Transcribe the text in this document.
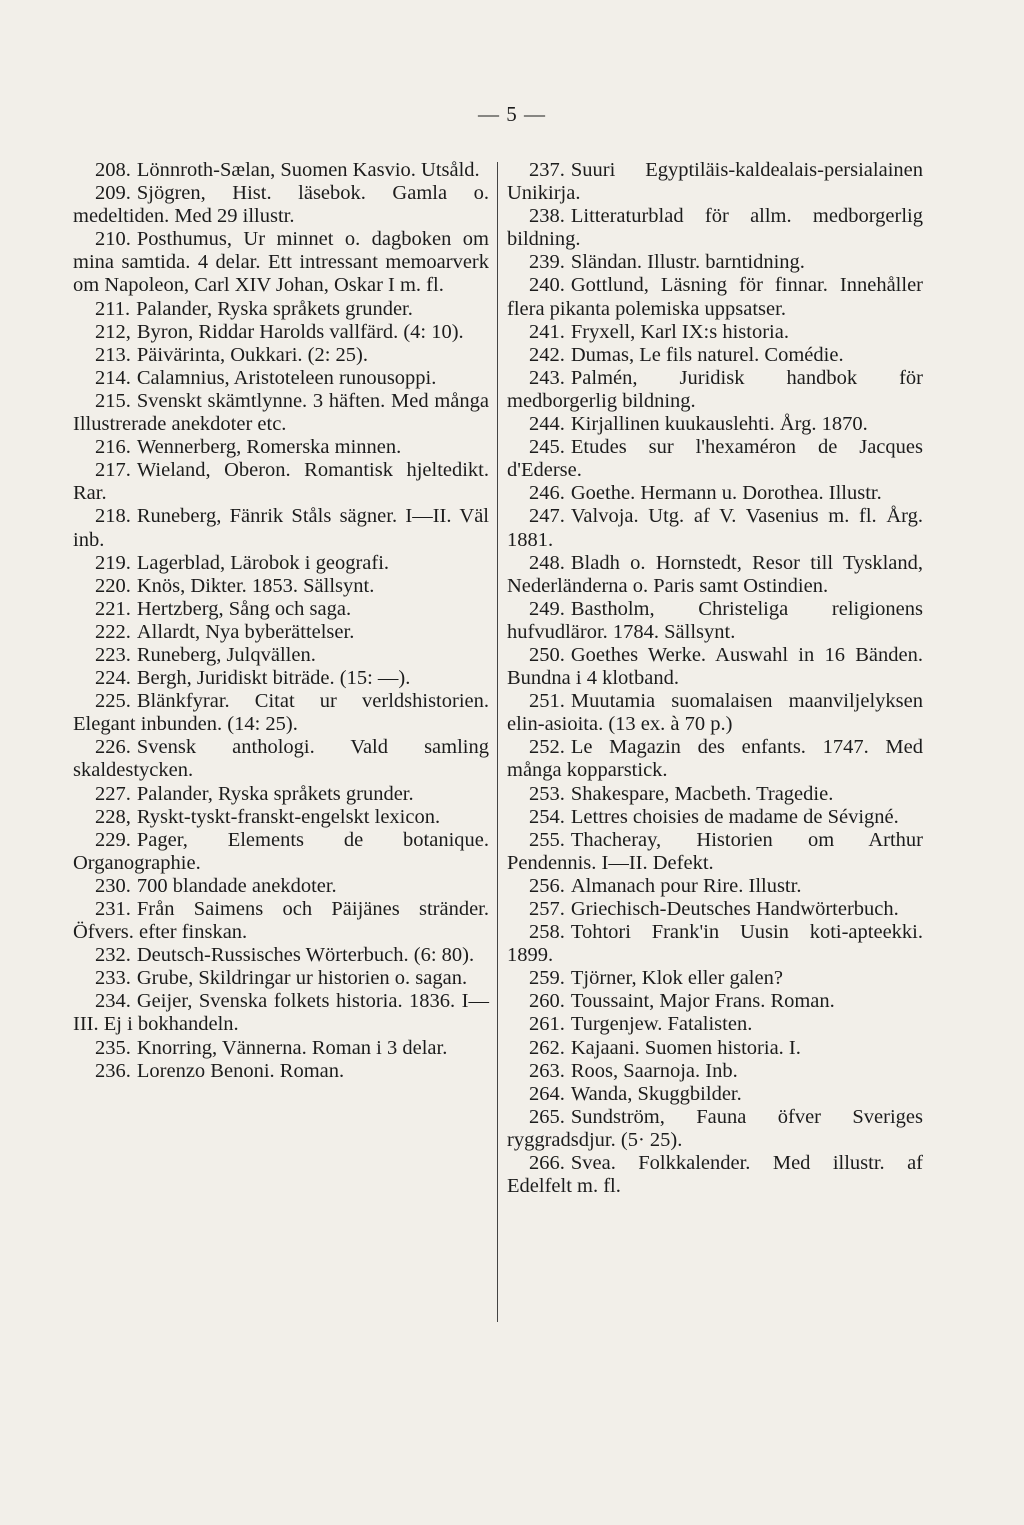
— 5 —

208. Lönnroth-Sælan, Suomen Kasvio. Utsåld.

209. Sjögren, Hist. läsebok. Gamla o. medeltiden. Med 29 illustr.

210. Posthumus, Ur minnet o. dagboken om mina samtida. 4 delar. Ett intressant memoarverk om Napoleon, Carl XIV Johan, Oskar I m. fl.

211. Palander, Ryska språkets grunder.

212, Byron, Riddar Harolds vallfärd. (4: 10).

213. Päivärinta, Oukkari. (2: 25).

214. Calamnius, Aristoteleen runousoppi.

215. Svenskt skämtlynne. 3 häften. Med många Illustrerade anekdoter etc.

216. Wennerberg, Romerska minnen.

217. Wieland, Oberon. Romantisk hjeltedikt. Rar.

218. Runeberg, Fänrik Ståls sägner. I—II. Väl inb.

219. Lagerblad, Lärobok i geografi.

220. Knös, Dikter. 1853. Sällsynt.

221. Hertzberg, Sång och saga.

222. Allardt, Nya byberättelser.

223. Runeberg, Julqvällen.

224. Bergh, Juridiskt biträde. (15: —).

225. Blänkfyrar. Citat ur verldshistorien. Elegant inbunden. (14: 25).

226. Svensk anthologi. Vald samling skaldestycken.

227. Palander, Ryska språkets grunder.

228, Ryskt-tyskt-franskt-engelskt lexicon.

229. Pager, Elements de botanique. Organographie.

230. 700 blandade anekdoter.

231. Från Saimens och Päijänes stränder. Öfvers. efter finskan.

232. Deutsch-Russisches Wörterbuch. (6: 80).

233. Grube, Skildringar ur historien o. sagan.

234. Geijer, Svenska folkets historia. 1836. I—III. Ej i bokhandeln.

235. Knorring, Vännerna. Roman i 3 delar.

236. Lorenzo Benoni. Roman.

237. Suuri Egyptiläis-kaldealais-persialainen Unikirja.

238. Litteraturblad för allm. medborgerlig bildning.

239. Sländan. Illustr. barntidning.

240. Gottlund, Läsning för finnar. Innehåller flera pikanta polemiska uppsatser.

241. Fryxell, Karl IX:s historia.

242. Dumas, Le fils naturel. Comédie.

243. Palmén, Juridisk handbok för medborgerlig bildning.

244. Kirjallinen kuukauslehti. Årg. 1870.

245. Etudes sur l'hexaméron de Jacques d'Ederse.

246. Goethe. Hermann u. Dorothea. Illustr.

247. Valvoja. Utg. af V. Vasenius m. fl. Årg. 1881.

248. Bladh o. Hornstedt, Resor till Tyskland, Nederländerna o. Paris samt Ostindien.

249. Bastholm, Christeliga religionens hufvudläror. 1784. Sällsynt.

250. Goethes Werke. Auswahl in 16 Bänden. Bundna i 4 klotband.

251. Muutamia suomalaisen maanviljelyksen elin-asioita. (13 ex. à 70 p.)

252. Le Magazin des enfants. 1747. Med många kopparstick.

253. Shakespare, Macbeth. Tragedie.

254. Lettres choisies de madame de Sévigné.

255. Thacheray, Historien om Arthur Pendennis. I—II. Defekt.

256. Almanach pour Rire. Illustr.

257. Griechisch-Deutsches Handwörterbuch.

258. Tohtori Frank'in Uusin koti-apteekki. 1899.

259. Tjörner, Klok eller galen?

260. Toussaint, Major Frans. Roman.

261. Turgenjew. Fatalisten.

262. Kajaani. Suomen historia. I.

263. Roos, Saarnoja. Inb.

264. Wanda, Skuggbilder.

265. Sundström, Fauna öfver Sveriges ryggradsdjur. (5· 25).

266. Svea. Folkkalender. Med illustr. af Edelfelt m. fl.
